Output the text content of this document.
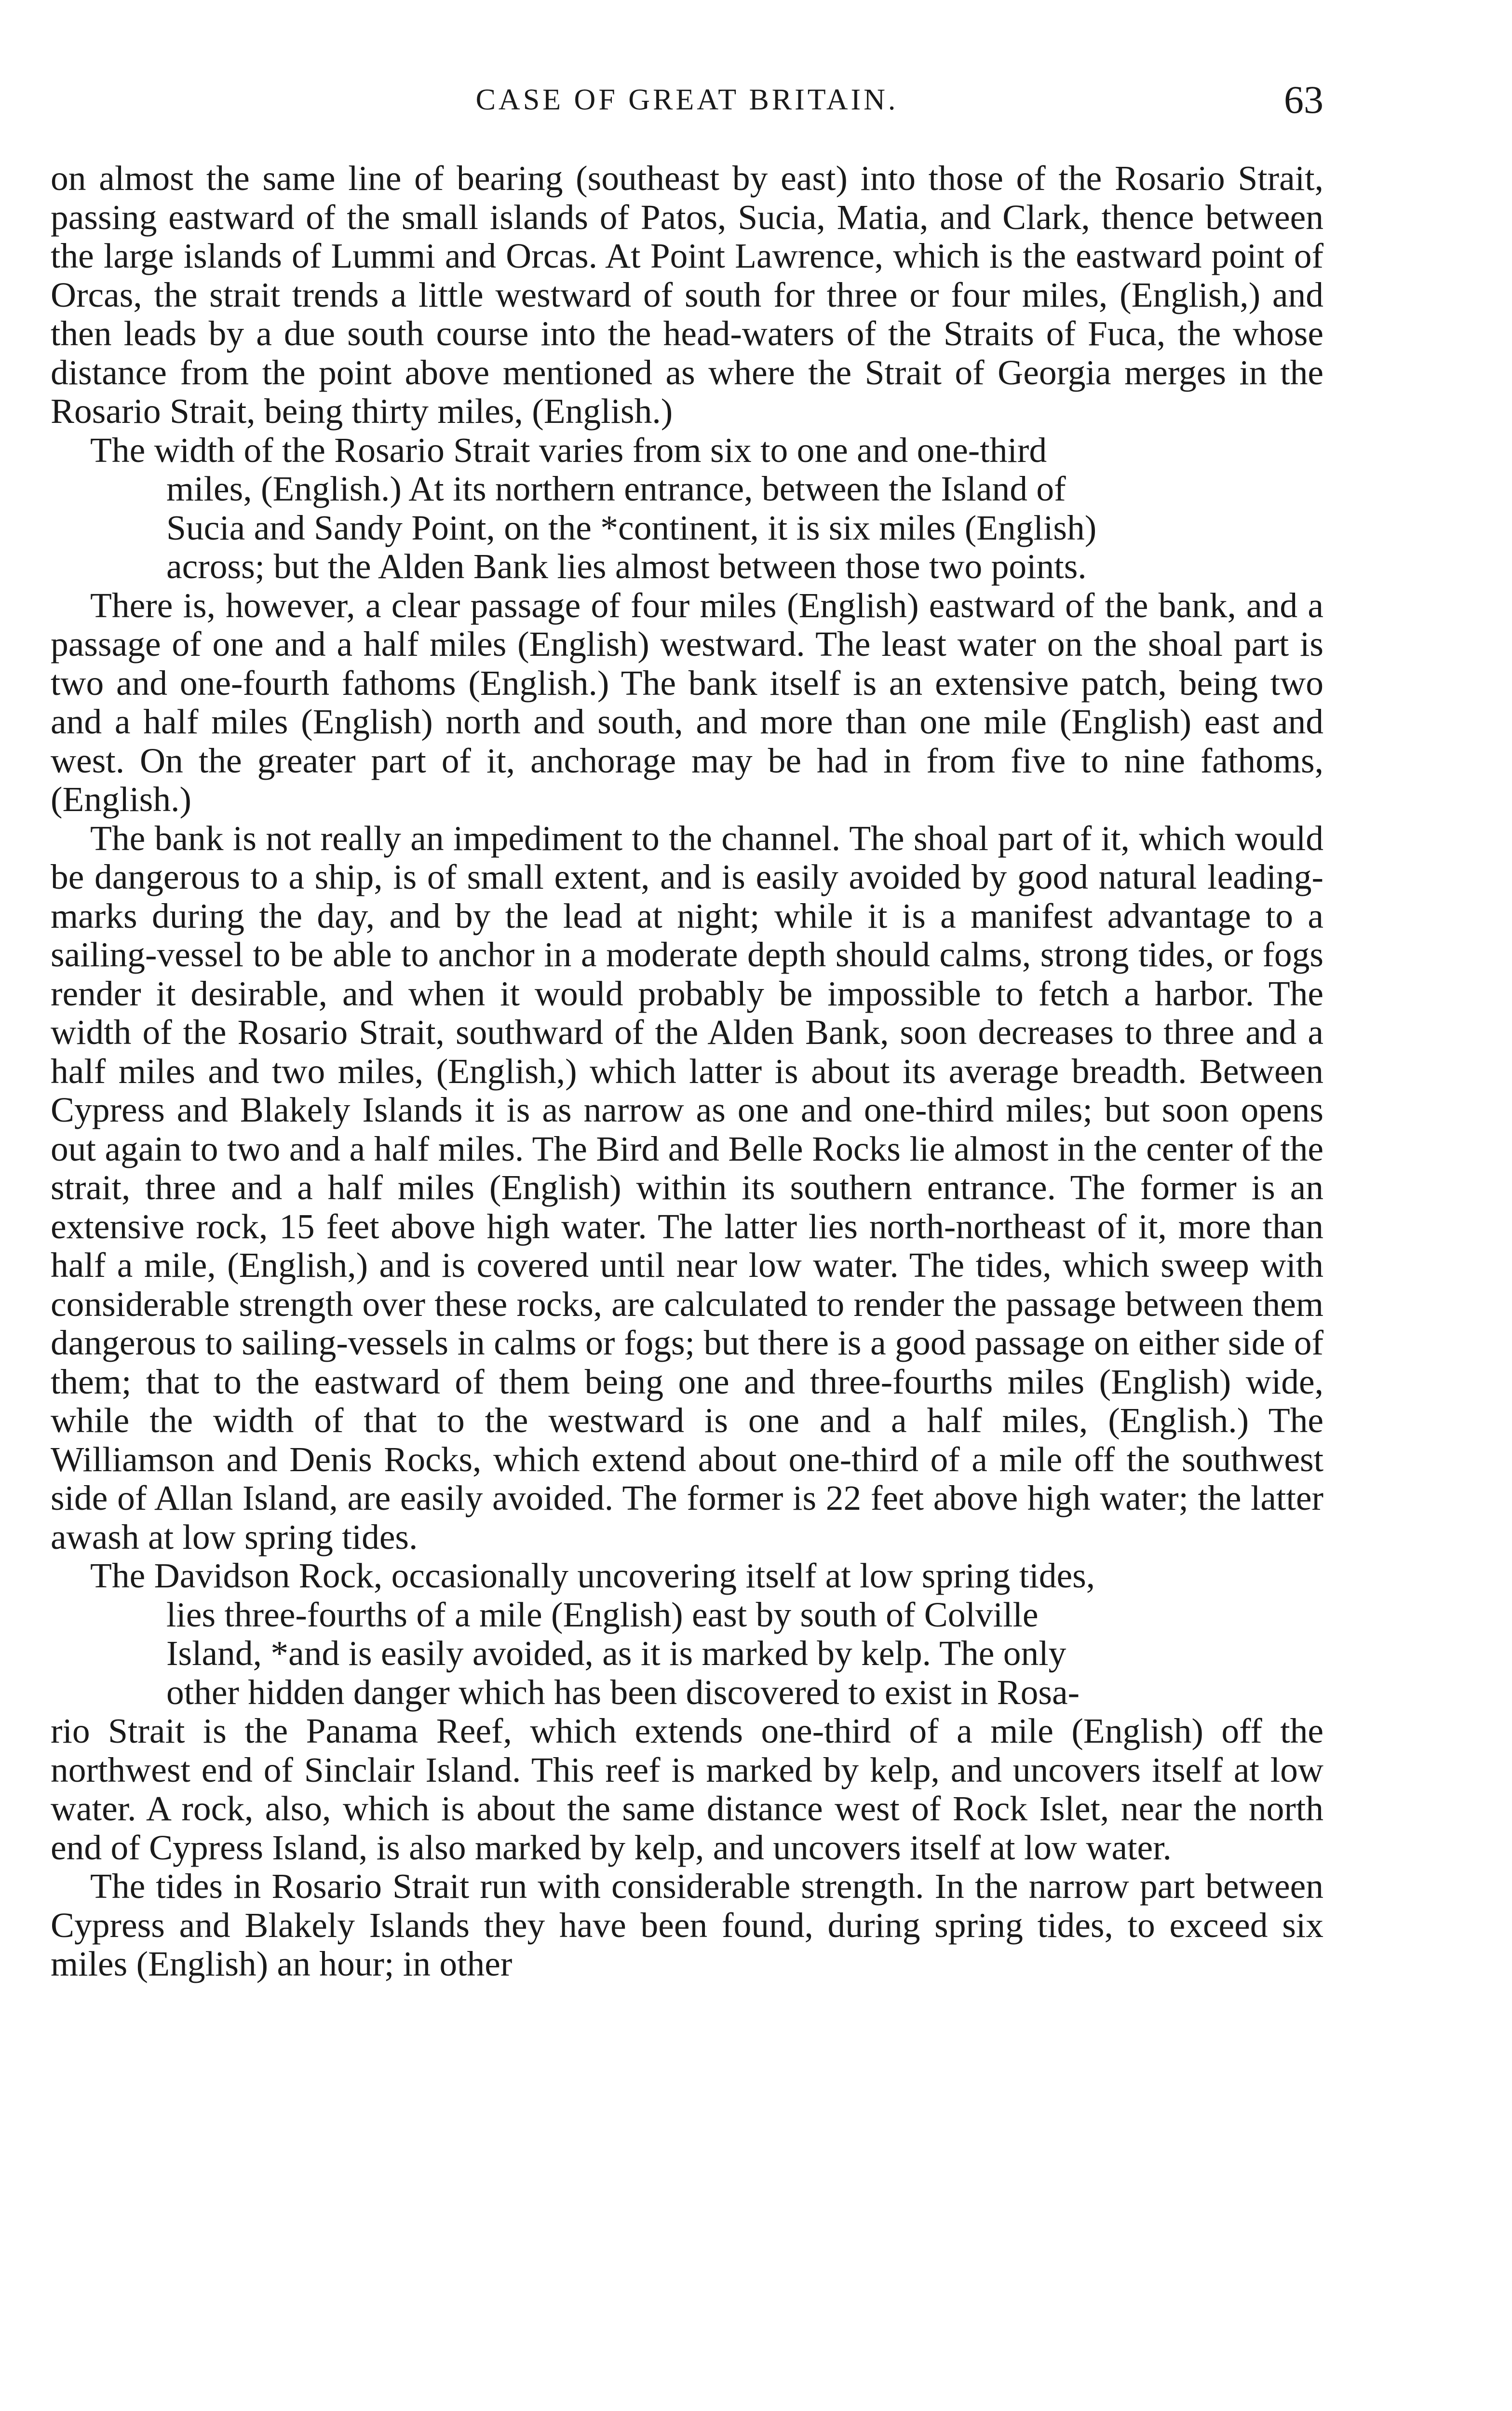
CASE OF GREAT BRITAIN.	63

on almost the same line of bearing (southeast by east) into those of the Rosario Strait, passing eastward of the small islands of Patos, Sucia, Matia, and Clark, thence between the large islands of Lummi and Orcas. At Point Lawrence, which is the eastward point of Orcas, the strait trends a little westward of south for three or four miles, (English,) and then leads by a due south course into the head-waters of the Straits of Fuca, the whose distance from the point above mentioned as where the Strait of Georgia merges in the Rosario Strait, being thirty miles, (English.)

The width of the Rosario Strait varies from six to one and one-third
miles, (English.) At its northern entrance, between the Island of
Sucia and Sandy Point, on the *continent, it is six miles (English)
across; but the Alden Bank lies almost between those two points.

There is, however, a clear passage of four miles (English) eastward of the bank, and a passage of one and a half miles (English) westward. The least water on the shoal part is two and one-fourth fathoms (English.) The bank itself is an extensive patch, being two and a half miles (English) north and south, and more than one mile (English) east and west. On the greater part of it, anchorage may be had in from five to nine fathoms, (English.)

The bank is not really an impediment to the channel. The shoal part of it, which would be dangerous to a ship, is of small extent, and is easily avoided by good natural leading-marks during the day, and by the lead at night; while it is a manifest advantage to a sailing-vessel to be able to anchor in a moderate depth should calms, strong tides, or fogs render it desirable, and when it would probably be impossible to fetch a harbor. The width of the Rosario Strait, southward of the Alden Bank, soon decreases to three and a half miles and two miles, (English,) which latter is about its average breadth. Between Cypress and Blakely Islands it is as narrow as one and one-third miles; but soon opens out again to two and a half miles. The Bird and Belle Rocks lie almost in the center of the strait, three and a half miles (English) within its southern entrance. The former is an extensive rock, 15 feet above high water. The latter lies north-northeast of it, more than half a mile, (English,) and is covered until near low water. The tides, which sweep with considerable strength over these rocks, are calculated to render the passage between them dangerous to sailing-vessels in calms or fogs; but there is a good passage on either side of them; that to the eastward of them being one and three-fourths miles (English) wide, while the width of that to the westward is one and a half miles, (English.) The Williamson and Denis Rocks, which extend about one-third of a mile off the southwest side of Allan Island, are easily avoided. The former is 22 feet above high water; the latter awash at low spring tides.

The Davidson Rock, occasionally uncovering itself at low spring tides,
lies three-fourths of a mile (English) east by south of Colville
Island, *and is easily avoided, as it is marked by kelp. The only
other hidden danger which has been discovered to exist in Rosa-
rio Strait is the Panama Reef, which extends one-third of a mile (English) off the northwest end of Sinclair Island. This reef is marked by kelp, and uncovers itself at low water. A rock, also, which is about the same distance west of Rock Islet, near the north end of Cypress Island, is also marked by kelp, and uncovers itself at low water.

The tides in Rosario Strait run with considerable strength. In the narrow part between Cypress and Blakely Islands they have been found, during spring tides, to exceed six miles (English) an hour; in other
